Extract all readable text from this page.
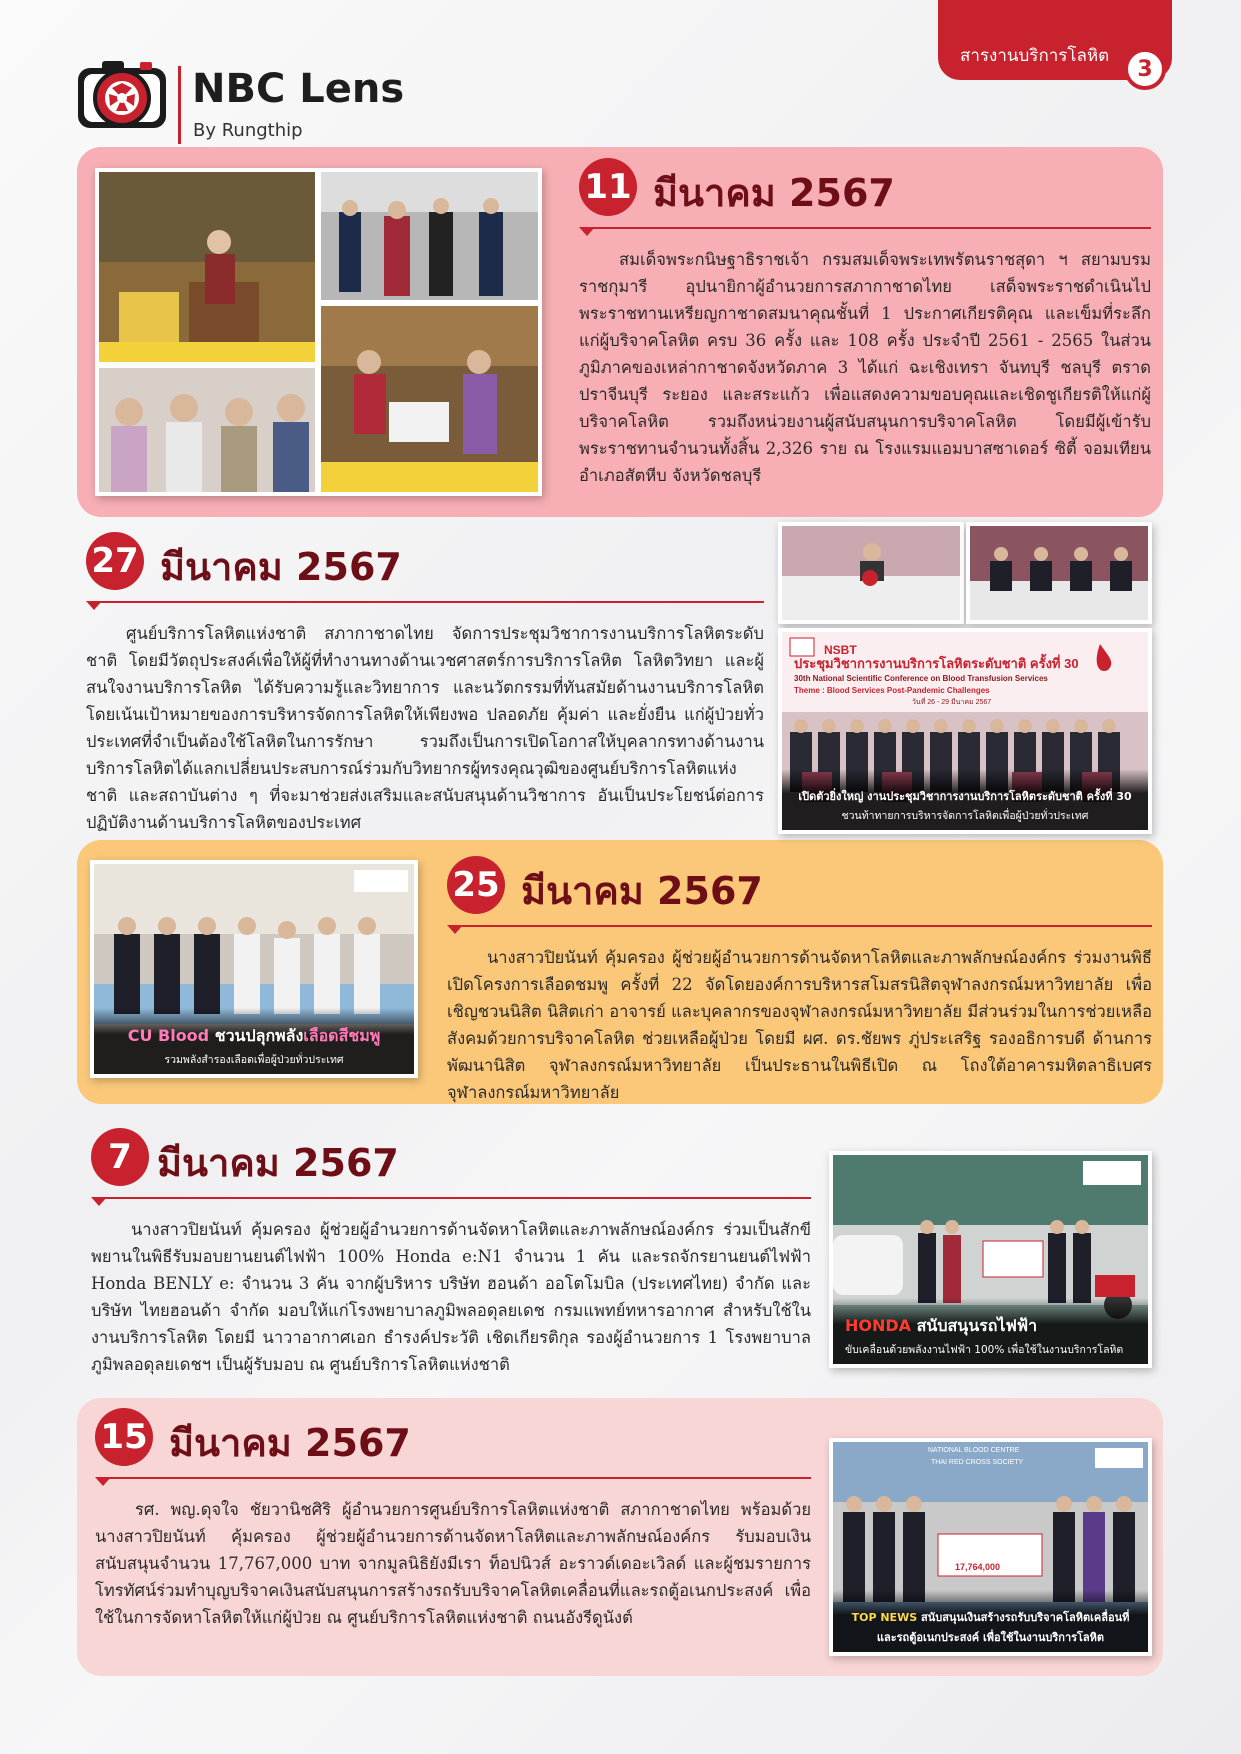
สารงานบริการโลหิต
3
NBC Lens
By Rungthip
11 มีนาคม 2567

สมเด็จพระกนิษฐาธิราชเจ้า กรมสมเด็จพระเทพรัตนราชสุดา ฯ สยามบรมราชกุมารี อุปนายิกาผู้อำนวยการสภากาชาดไทย เสด็จพระราชดำเนินไปพระราชทานเหรียญกาชาดสมนาคุณชั้นที่ 1 ประกาศเกียรติคุณ และเข็มที่ระลึกแก่ผู้บริจาคโลหิต ครบ 36 ครั้ง และ 108 ครั้ง ประจำปี 2561 - 2565 ในส่วนภูมิภาคของเหล่ากาชาดจังหวัดภาค 3 ได้แก่ ฉะเชิงเทรา จันทบุรี ชลบุรี ตราด ปราจีนบุรี ระยอง และสระแก้ว เพื่อแสดงความขอบคุณและเชิดชูเกียรติให้แก่ผู้บริจาคโลหิต รวมถึงหน่วยงานผู้สนับสนุนการบริจาคโลหิต โดยมีผู้เข้ารับพระราชทานจำนวนทั้งสิ้น 2,326 ราย ณ โรงแรมแอมบาสซาเดอร์ ซิตี้ จอมเทียน อำเภอสัตหีบ จังหวัดชลบุรี

27 มีนาคม 2567

ศูนย์บริการโลหิตแห่งชาติ สภากาชาดไทย จัดการประชุมวิชาการงานบริการโลหิตระดับชาติ โดยมีวัตถุประสงค์เพื่อให้ผู้ที่ทำงานทางด้านเวชศาสตร์การบริการโลหิต โลหิตวิทยา และผู้สนใจงานบริการโลหิต ได้รับความรู้และวิทยาการ และนวัตกรรมที่ทันสมัยด้านงานบริการโลหิต โดยเน้นเป้าหมายของการบริหารจัดการโลหิตให้เพียงพอ ปลอดภัย คุ้มค่า และยั่งยืน แก่ผู้ป่วยทั่วประเทศที่จำเป็นต้องใช้โลหิตในการรักษา รวมถึงเป็นการเปิดโอกาสให้บุคลากรทางด้านงานบริการโลหิตได้แลกเปลี่ยนประสบการณ์ร่วมกับวิทยากรผู้ทรงคุณวุฒิของศูนย์บริการโลหิตแห่งชาติ และสถาบันต่าง ๆ ที่จะมาช่วยส่งเสริมและสนับสนุนด้านวิชาการ อันเป็นประโยชน์ต่อการปฏิบัติงานด้านบริการโลหิตของประเทศ

NSBT
ประชุมวิชาการงานบริการโลหิตระดับชาติ ครั้งที่ 30
30th National Scientific Conference on Blood Transfusion Services
Theme : Blood Services Post-Pandemic Challenges
วันที่ 26 - 29 มีนาคม 2567
เปิดตัวยิ่งใหญ่ งานประชุมวิชาการงานบริการโลหิตระดับชาติ ครั้งที่ 30
ชวนท้าทายการบริหารจัดการโลหิตเพื่อผู้ป่วยทั่วประเทศ
CU Blood ชวนปลุกพลังเลือดสีชมพู
รวมพลังสำรองเลือดเพื่อผู้ป่วยทั่วประเทศ
25 มีนาคม 2567

นางสาวปิยนันท์ คุ้มครอง ผู้ช่วยผู้อำนวยการด้านจัดหาโลหิตและภาพลักษณ์องค์กร ร่วมงานพิธีเปิดโครงการเลือดชมพู ครั้งที่ 22 จัดโดยองค์การบริหารสโมสรนิสิตจุฬาลงกรณ์มหาวิทยาลัย เพื่อเชิญชวนนิสิต นิสิตเก่า อาจารย์ และบุคลากรของจุฬาลงกรณ์มหาวิทยาลัย มีส่วนร่วมในการช่วยเหลือสังคมด้วยการบริจาคโลหิต ช่วยเหลือผู้ป่วย โดยมี ผศ. ดร.ชัยพร ภู่ประเสริฐ รองอธิการบดี ด้านการพัฒนานิสิต จุฬาลงกรณ์มหาวิทยาลัย เป็นประธานในพิธีเปิด ณ โถงใต้อาคารมหิตลาธิเบศร จุฬาลงกรณ์มหาวิทยาลัย

7 มีนาคม 2567

นางสาวปิยนันท์ คุ้มครอง ผู้ช่วยผู้อำนวยการด้านจัดหาโลหิตและภาพลักษณ์องค์กร ร่วมเป็นสักขีพยานในพิธีรับมอบยานยนต์ไฟฟ้า 100% Honda e:N1 จำนวน 1 คัน และรถจักรยานยนต์ไฟฟ้า Honda BENLY e: จำนวน 3 คัน จากผู้บริหาร บริษัท ฮอนด้า ออโตโมบิล (ประเทศไทย) จำกัด และบริษัท ไทยฮอนด้า จำกัด มอบให้แก่โรงพยาบาลภูมิพลอดุลยเดช กรมแพทย์ทหารอากาศ สำหรับใช้ในงานบริการโลหิต โดยมี นาวาอากาศเอก ธำรงค์ประวัติ เชิดเกียรติกุล รองผู้อำนวยการ 1 โรงพยาบาลภูมิพลอดุลยเดชฯ เป็นผู้รับมอบ ณ ศูนย์บริการโลหิตแห่งชาติ

HONDA สนับสนุนรถไฟฟ้า
ขับเคลื่อนด้วยพลังงานไฟฟ้า 100% เพื่อใช้ในงานบริการโลหิต
15 มีนาคม 2567

รศ. พญ.ดุจใจ ชัยวานิชศิริ ผู้อำนวยการศูนย์บริการโลหิตแห่งชาติ สภากาชาดไทย พร้อมด้วยนางสาวปิยนันท์ คุ้มครอง ผู้ช่วยผู้อำนวยการด้านจัดหาโลหิตและภาพลักษณ์องค์กร รับมอบเงินสนับสนุนจำนวน 17,767,000 บาท จากมูลนิธิยังมีเรา ท็อปนิวส์ อะราวด์เดอะเวิลด์ และผู้ชมรายการโทรทัศน์ร่วมทำบุญบริจาคเงินสนับสนุนการสร้างรถรับบริจาคโลหิตเคลื่อนที่และรถตู้อเนกประสงค์ เพื่อใช้ในการจัดหาโลหิตให้แก่ผู้ป่วย ณ ศูนย์บริการโลหิตแห่งชาติ ถนนอังรีดูนังต์

NATIONAL BLOOD CENTRE
THAI RED CROSS SOCIETY
17,764,000
TOP NEWS สนับสนุนเงินสร้างรถรับบริจาคโลหิตเคลื่อนที่
และรถตู้อเนกประสงค์ เพื่อใช้ในงานบริการโลหิต
